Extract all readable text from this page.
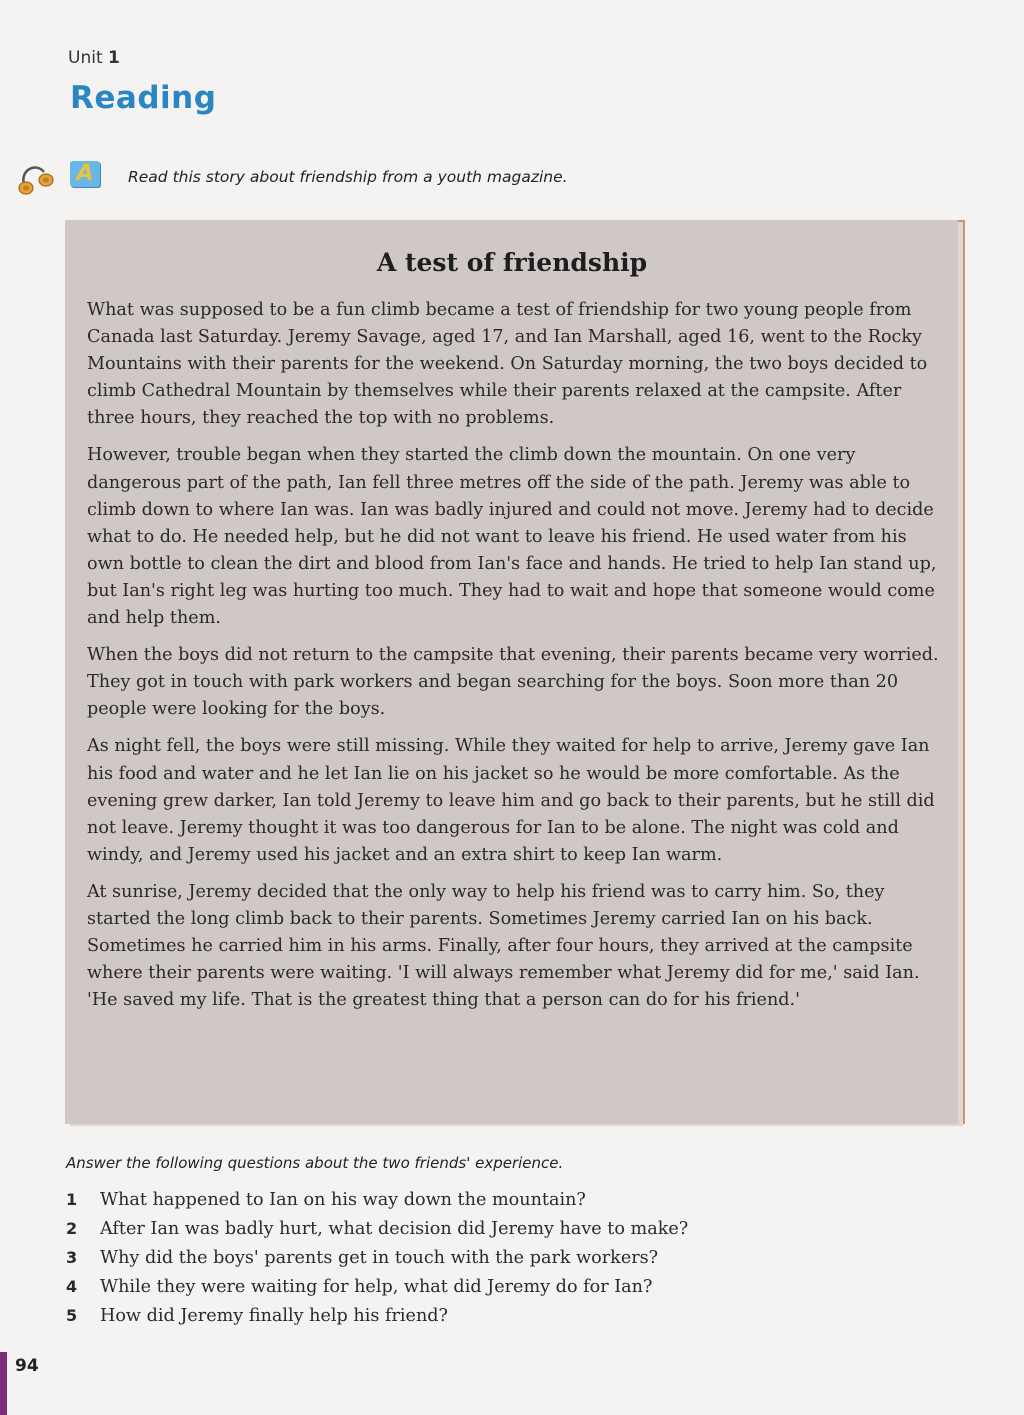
Unit 1
Reading
A	Read this story about friendship from a youth magazine.
A test of friendship

What was supposed to be a fun climb became a test of friendship for two young people from Canada last Saturday. Jeremy Savage, aged 17, and Ian Marshall, aged 16, went to the Rocky Mountains with their parents for the weekend. On Saturday morning, the two boys decided to climb Cathedral Mountain by themselves while their parents relaxed at the campsite. After three hours, they reached the top with no problems.

However, trouble began when they started the climb down the mountain. On one very dangerous part of the path, Ian fell three metres off the side of the path. Jeremy was able to climb down to where Ian was. Ian was badly injured and could not move. Jeremy had to decide what to do. He needed help, but he did not want to leave his friend. He used water from his own bottle to clean the dirt and blood from Ian's face and hands. He tried to help Ian stand up, but Ian's right leg was hurting too much. They had to wait and hope that someone would come and help them.

When the boys did not return to the campsite that evening, their parents became very worried. They got in touch with park workers and began searching for the boys. Soon more than 20 people were looking for the boys.

As night fell, the boys were still missing. While they waited for help to arrive, Jeremy gave Ian his food and water and he let Ian lie on his jacket so he would be more comfortable. As the evening grew darker, Ian told Jeremy to leave him and go back to their parents, but he still did not leave. Jeremy thought it was too dangerous for Ian to be alone. The night was cold and windy, and Jeremy used his jacket and an extra shirt to keep Ian warm.

At sunrise, Jeremy decided that the only way to help his friend was to carry him. So, they started the long climb back to their parents. Sometimes Jeremy carried Ian on his back. Sometimes he carried him in his arms. Finally, after four hours, they arrived at the campsite where their parents were waiting. 'I will always remember what Jeremy did for me,' said Ian. 'He saved my life. That is the greatest thing that a person can do for his friend.'

Answer the following questions about the two friends' experience.
1	What happened to Ian on his way down the mountain?
2	After Ian was badly hurt, what decision did Jeremy have to make?
3	Why did the boys' parents get in touch with the park workers?
4	While they were waiting for help, what did Jeremy do for Ian?
5	How did Jeremy finally help his friend?
94
